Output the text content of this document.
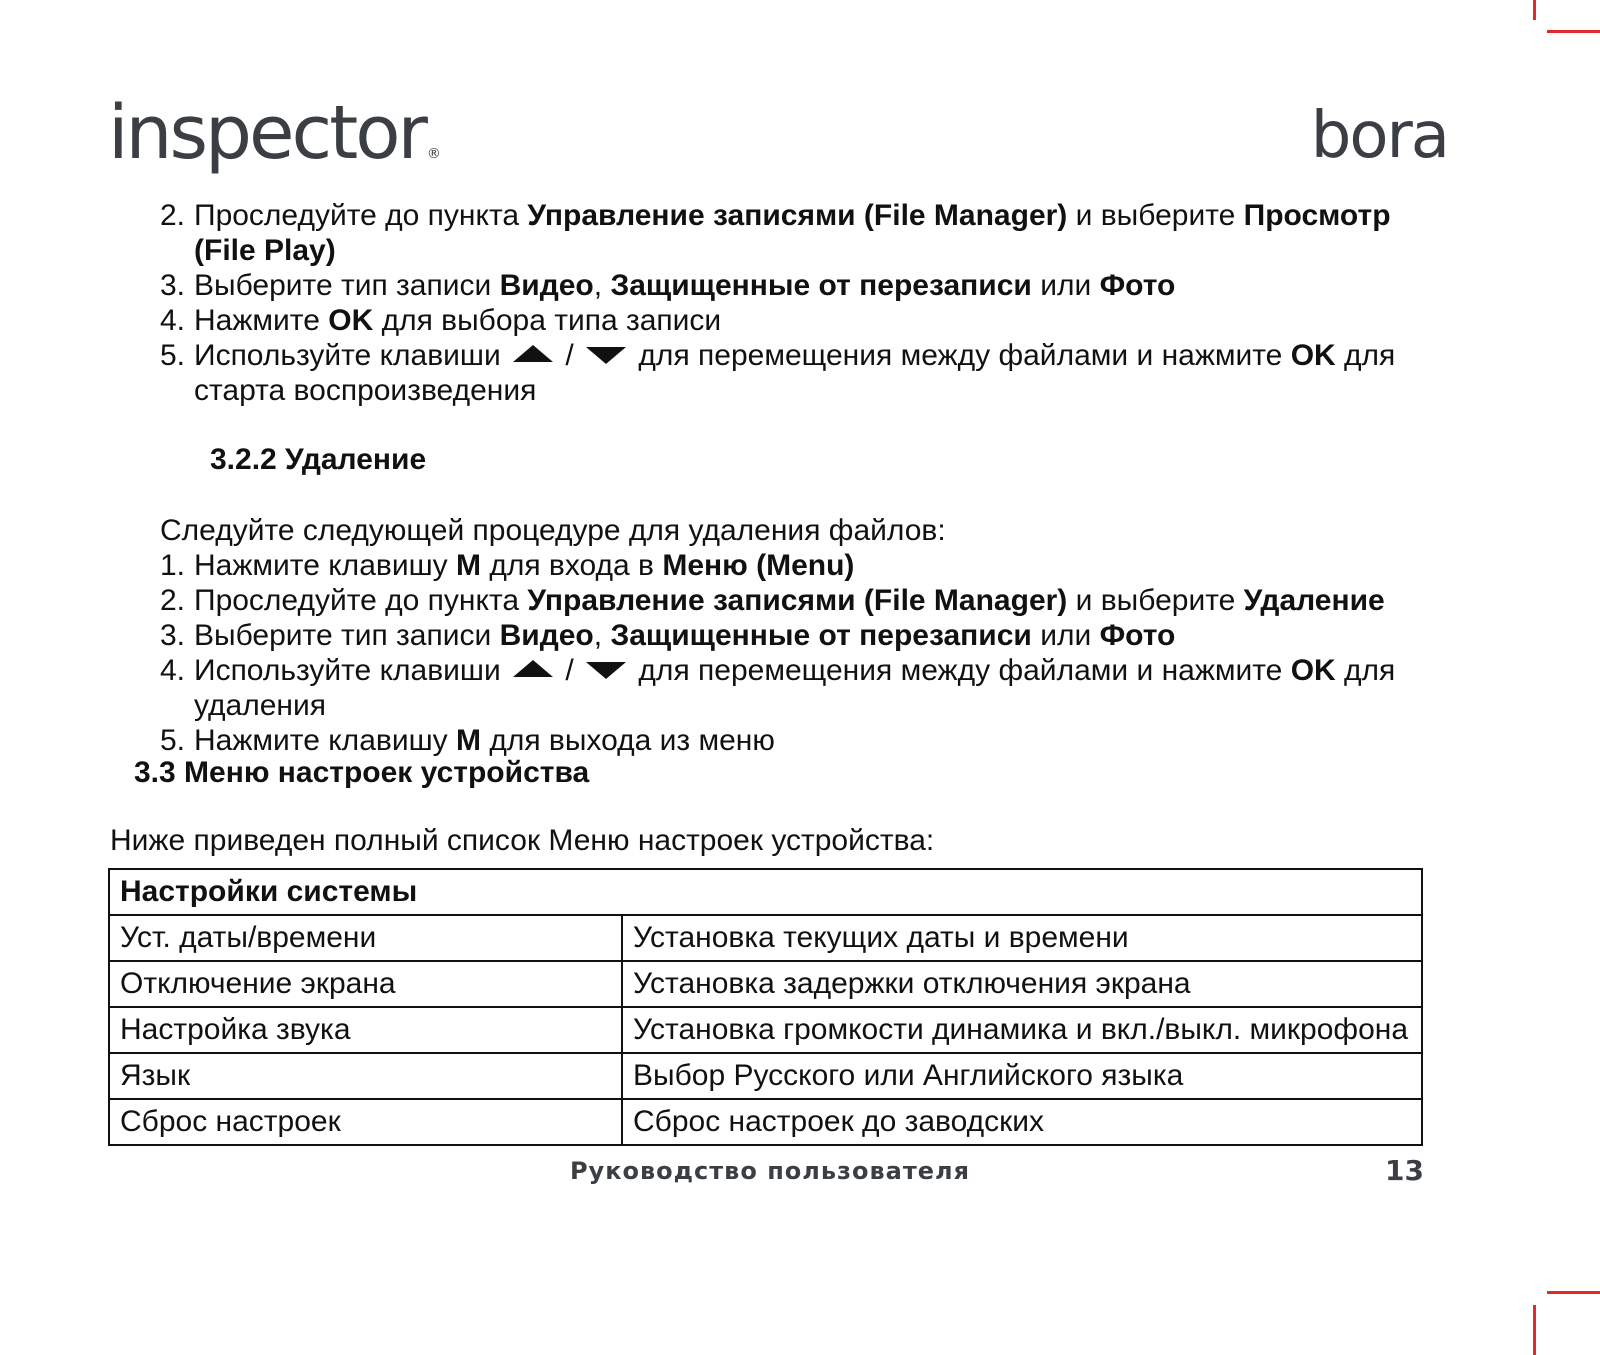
inspector ®	bora
2. Проследуйте до пункта Управление записями (File Manager) и выберите Просмотр (File Play)
3. Выберите тип записи Видео, Защищенные от перезаписи или Фото
4. Нажмите OK для выбора типа записи
5. Используйте клавиши  /  для перемещения между файлами и нажмите OK для старта воспроизведения
3.2.2 Удаление

Следуйте следующей процедуре для удаления файлов:

1. Нажмите клавишу M для входа в Меню (Menu)
2. Проследуйте до пункта Управление записями (File Manager) и выберите Удаление
3. Выберите тип записи Видео, Защищенные от перезаписи или Фото
4. Используйте клавиши  /  для перемещения между файлами и нажмите OK для удаления
5. Нажмите клавишу M для выхода из меню
3.3 Меню настроек устройства
Ниже приведен полный список Меню настроек устройства:
Настройки системы	
Уст. даты/времени	Установка текущих даты и времени
Отключение экрана	Установка задержки отключения экрана
Настройка звука	Установка громкости динамика и вкл./выкл. микрофона
Язык	Выбор Русского или Английского языка
Сброс настроек	Сброс настроек до заводских
Руководство пользователя	13
